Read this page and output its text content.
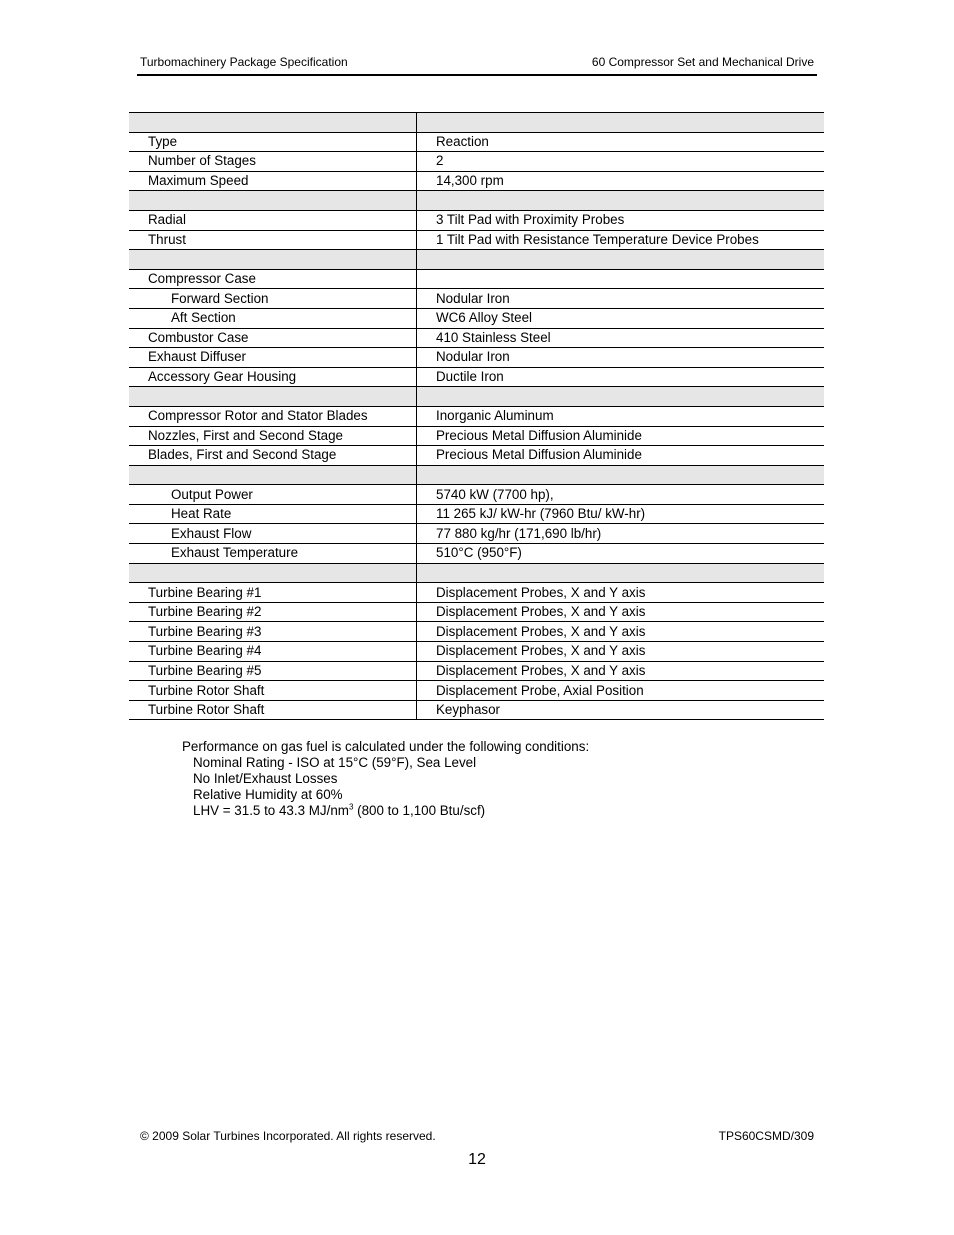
Turbomachinery Package Specification	60 Compressor Set and Mechanical Drive

Type	Reaction
Number of Stages	2
Maximum Speed	14,300 rpm

Radial	3 Tilt Pad with Proximity Probes
Thrust	1 Tilt Pad with Resistance Temperature Device Probes

Compressor Case	
Forward Section	Nodular Iron
Aft Section	WC6 Alloy Steel
Combustor Case	410 Stainless Steel
Exhaust Diffuser	Nodular Iron
Accessory Gear Housing	Ductile Iron

Compressor Rotor and Stator Blades	Inorganic Aluminum
Nozzles, First and Second Stage	Precious Metal Diffusion Aluminide
Blades, First and Second Stage	Precious Metal Diffusion Aluminide

Output Power	5740 kW (7700 hp),
Heat Rate	11 265 kJ/ kW-hr (7960 Btu/ kW-hr)
Exhaust Flow	77 880 kg/hr (171,690 lb/hr)
Exhaust Temperature	510°C (950°F)

Turbine Bearing #1	Displacement Probes, X and Y axis
Turbine Bearing #2	Displacement Probes, X and Y axis
Turbine Bearing #3	Displacement Probes, X and Y axis
Turbine Bearing #4	Displacement Probes, X and Y axis
Turbine Bearing #5	Displacement Probes, X and Y axis
Turbine Rotor Shaft	Displacement Probe, Axial Position
Turbine Rotor Shaft	Keyphasor
Performance on gas fuel is calculated under the following conditions:
Nominal Rating - ISO at 15°C (59°F), Sea Level
No Inlet/Exhaust Losses
Relative Humidity at 60%
LHV = 31.5 to 43.3 $MJ/nm^3$ (800 to 1,100 Btu/scf)
© 2009 Solar Turbines Incorporated. All rights reserved.	TPS60CSMD/309
12
